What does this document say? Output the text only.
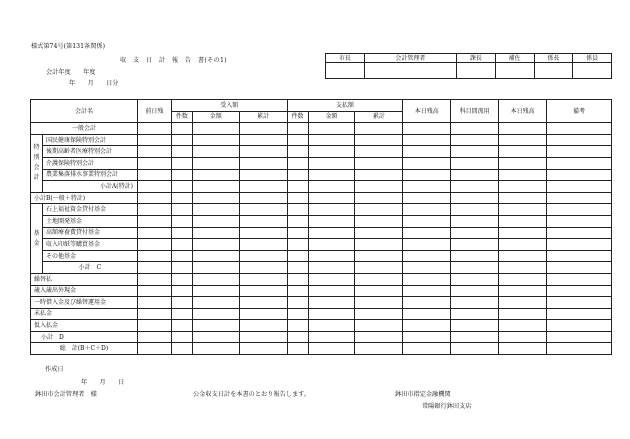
様式第74号(第131条関係)
収　支　日　計　報　告　書(その1)
会計年度　　年度
年　　月　　日分
市長	会計管理者	課長	補佐	係長	係員

会計名		前日残	受入額			支払額			本日残高	科目間流用	本日残高	備考
			件数	金額	累計	件数	金額	累計				
一般会計												

特別会計	国民健康保険特別会計											
	後期高齢者医療特別会計											
	介護保険特別会計											
	農業集落排水事業特別会計											
	小計A(特計)											
小計B(一般＋特計)												

基金	石上福祉資金貸付基金											
	土地開発基金											
	高額療養費貸付基金											
	収入印紙等購買基金											
	その他基金											
	小計　C											
繰替払												
歳入歳出外現金												
一時借入金及び繰替運用金												
未払金												
仮入払金												
小計　D												
総　計(B＋C＋D)												
作成日
年　　月　　日
鉢田市会計管理者　様	公金収支日計を本書のとおり報告します。	鉢田市指定金融機関
常陽銀行鉢田支店
